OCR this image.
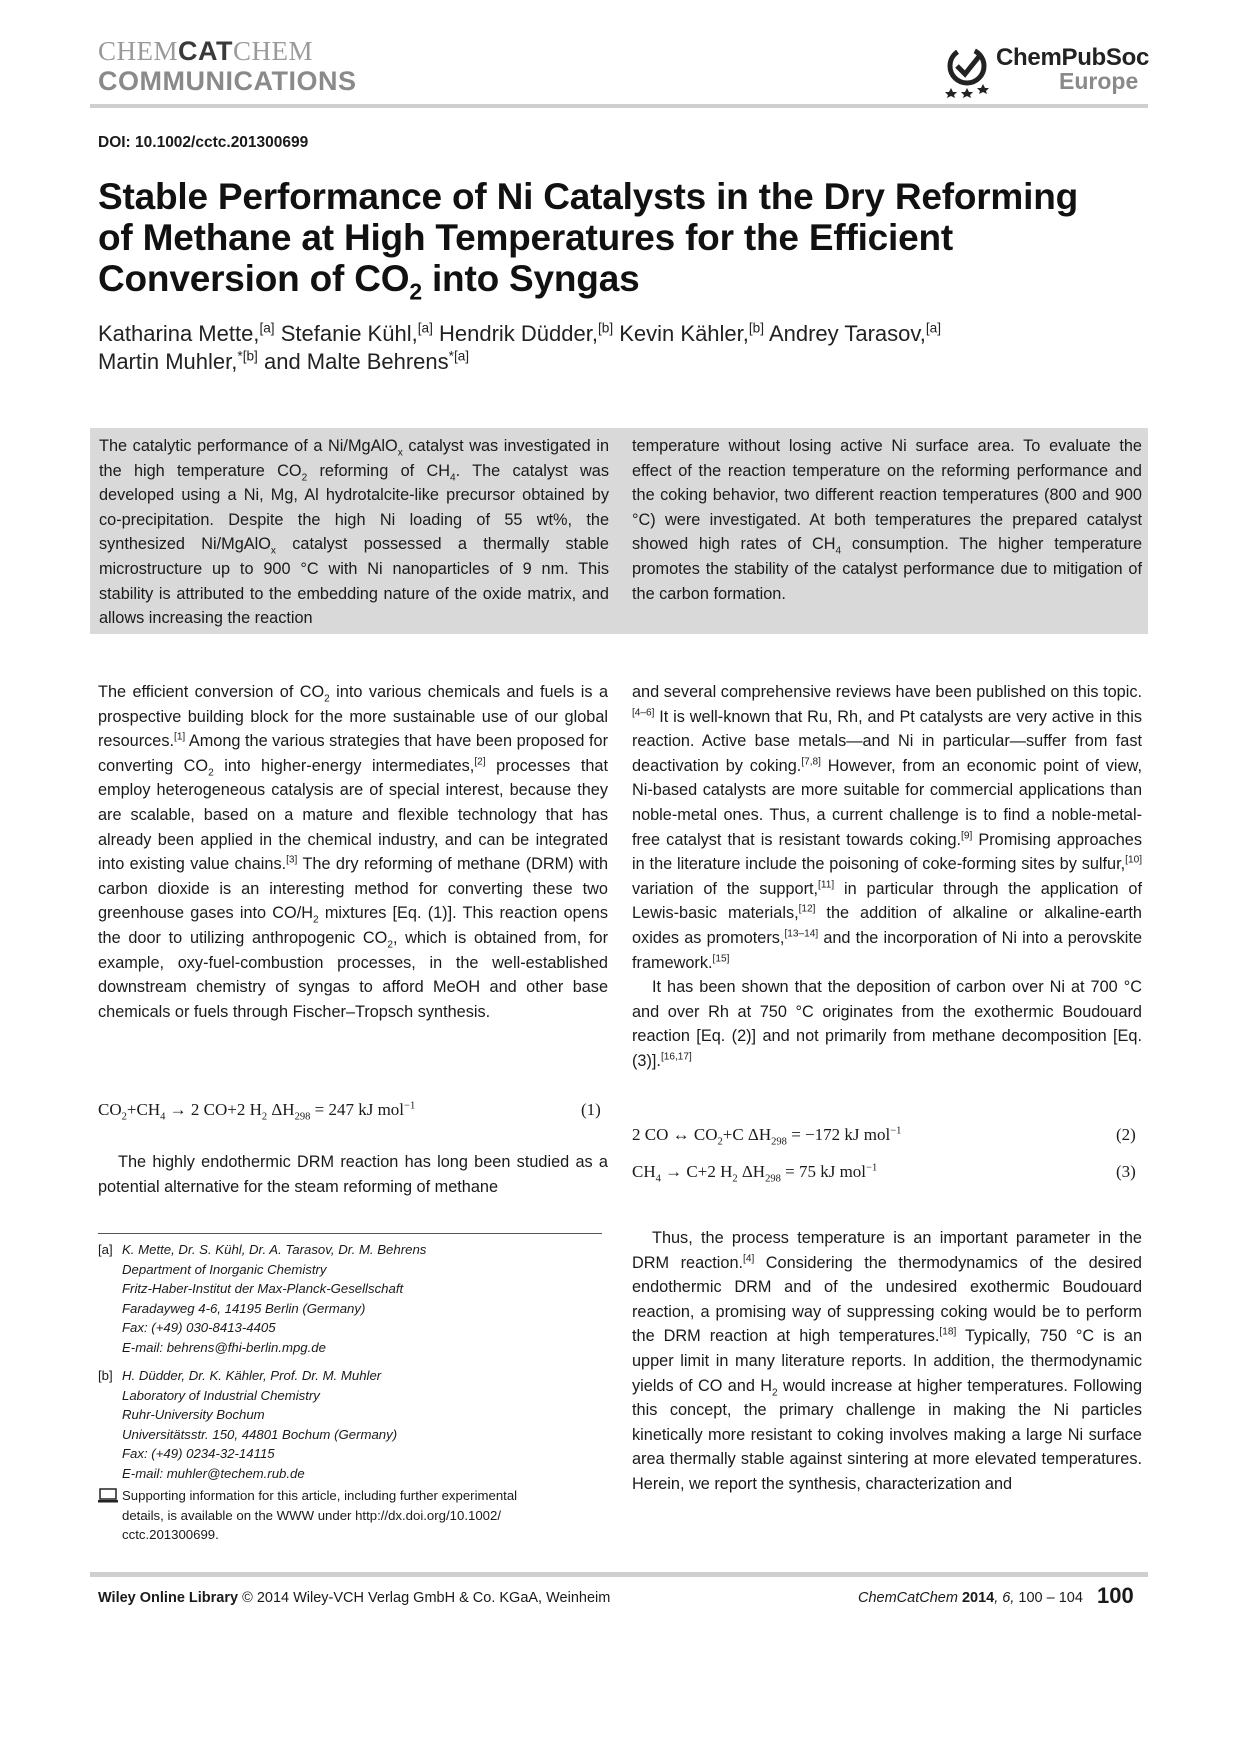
CHEMCATCHEM
COMMUNICATIONS
ChemPubSoc
Europe
DOI: 10.1002/cctc.201300699
Stable Performance of Ni Catalysts in the Dry Reforming
of Methane at High Temperatures for the Efficient
Conversion of $CO_2$ into Syngas
Katharina Mette,[a] Stefanie Kühl,[a] Hendrik Düdder,[b] Kevin Kähler,[b] Andrey Tarasov,[a]
Martin Muhler,$^{*[b]}$ and Malte Behrens$^{*[a]}$
The catalytic performance of a Ni/MgAlO$_x$ catalyst was investigated in the high temperature $CO_2$ reforming of $CH_4$. The catalyst was developed using a Ni, Mg, Al hydrotalcite-like precursor obtained by co-precipitation. Despite the high Ni loading of 55 wt%, the synthesized Ni/MgAlO$_x$ catalyst possessed a thermally stable microstructure up to 900 °C with Ni nanoparticles of 9 nm. This stability is attributed to the embedding nature of the oxide matrix, and allows increasing the reaction
temperature without losing active Ni surface area. To evaluate the effect of the reaction temperature on the reforming performance and the coking behavior, two different reaction temperatures (800 and 900 °C) were investigated. At both temperatures the prepared catalyst showed high rates of $CH_4$ consumption. The higher temperature promotes the stability of the catalyst performance due to mitigation of the carbon formation.

The efficient conversion of $CO_2$ into various chemicals and fuels is a prospective building block for the more sustainable use of our global resources.[1] Among the various strategies that have been proposed for converting $CO_2$ into higher-energy intermediates,[2] processes that employ heterogeneous catalysis are of special interest, because they are scalable, based on a mature and flexible technology that has already been applied in the chemical industry, and can be integrated into existing value chains.[3] The dry reforming of methane (DRM) with carbon dioxide is an interesting method for converting these two greenhouse gases into $CO/H_2$ mixtures [Eq. (1)]. This reaction opens the door to utilizing anthropogenic $CO_2$, which is obtained from, for example, oxy-fuel-combustion processes, in the well-established downstream chemistry of syngas to afford MeOH and other base chemicals or fuels through Fischer–Tropsch synthesis.

$CO_2+CH_4 \to 2$ CO+2 $H_2$ $\Delta H_{298} = 247$ kJ mol$^{-1}$	(1)
The highly endothermic DRM reaction has long been studied as a potential alternative for the steam reforming of methane
[a] K. Mette, Dr. S. Kühl, Dr. A. Tarasov, Dr. M. Behrens
Department of Inorganic Chemistry
Fritz-Haber-Institut der Max-Planck-Gesellschaft
Faradayweg 4-6, 14195 Berlin (Germany)
Fax: (+49) 030-8413-4405
E-mail: behrens@fhi-berlin.mpg.de
[b] H. Düdder, Dr. K. Kähler, Prof. Dr. M. Muhler
Laboratory of Industrial Chemistry
Ruhr-University Bochum
Universitätsstr. 150, 44801 Bochum (Germany)
Fax: (+49) 0234-32-14115
E-mail: muhler@techem.rub.de
Supporting information for this article, including further experimental
details, is available on the WWW under http://dx.doi.org/10.1002/
cctc.201300699.

and several comprehensive reviews have been published on this topic.[4–6] It is well-known that Ru, Rh, and Pt catalysts are very active in this reaction. Active base metals—and Ni in particular—suffer from fast deactivation by coking.[7,8] However, from an economic point of view, Ni-based catalysts are more suitable for commercial applications than noble-metal ones. Thus, a current challenge is to find a noble-metal-free catalyst that is resistant towards coking.[9] Promising approaches in the literature include the poisoning of coke-forming sites by sulfur,[10] variation of the support,[11] in particular through the application of Lewis-basic materials,[12] the addition of alkaline or alkaline-earth oxides as promoters,[13–14] and the incorporation of Ni into a perovskite framework.[15]

It has been shown that the deposition of carbon over Ni at 700 °C and over Rh at 750 °C originates from the exothermic Boudouard reaction [Eq. (2)] and not primarily from methane decomposition [Eq. (3)].[16,17]

2 CO ↔ $CO_2+C$ $\Delta H_{298} = -172$ kJ mol$^{-1}$	(2)
$CH_4 \to C+2$ $H_2$ $\Delta H_{298} = 75$ kJ mol$^{-1}$	(3)
Thus, the process temperature is an important parameter in the DRM reaction.[4] Considering the thermodynamics of the desired endothermic DRM and of the undesired exothermic Boudouard reaction, a promising way of suppressing coking would be to perform the DRM reaction at high temperatures.[18] Typically, 750 °C is an upper limit in many literature reports. In addition, the thermodynamic yields of CO and $H_2$ would increase at higher temperatures. Following this concept, the primary challenge in making the Ni particles kinetically more resistant to coking involves making a large Ni surface area thermally stable against sintering at more elevated temperatures. Herein, we report the synthesis, characterization and
Wiley Online Library © 2014 Wiley-VCH Verlag GmbH & Co. KGaA, Weinheim	ChemCatChem 2014, 6, 100 – 104 100
